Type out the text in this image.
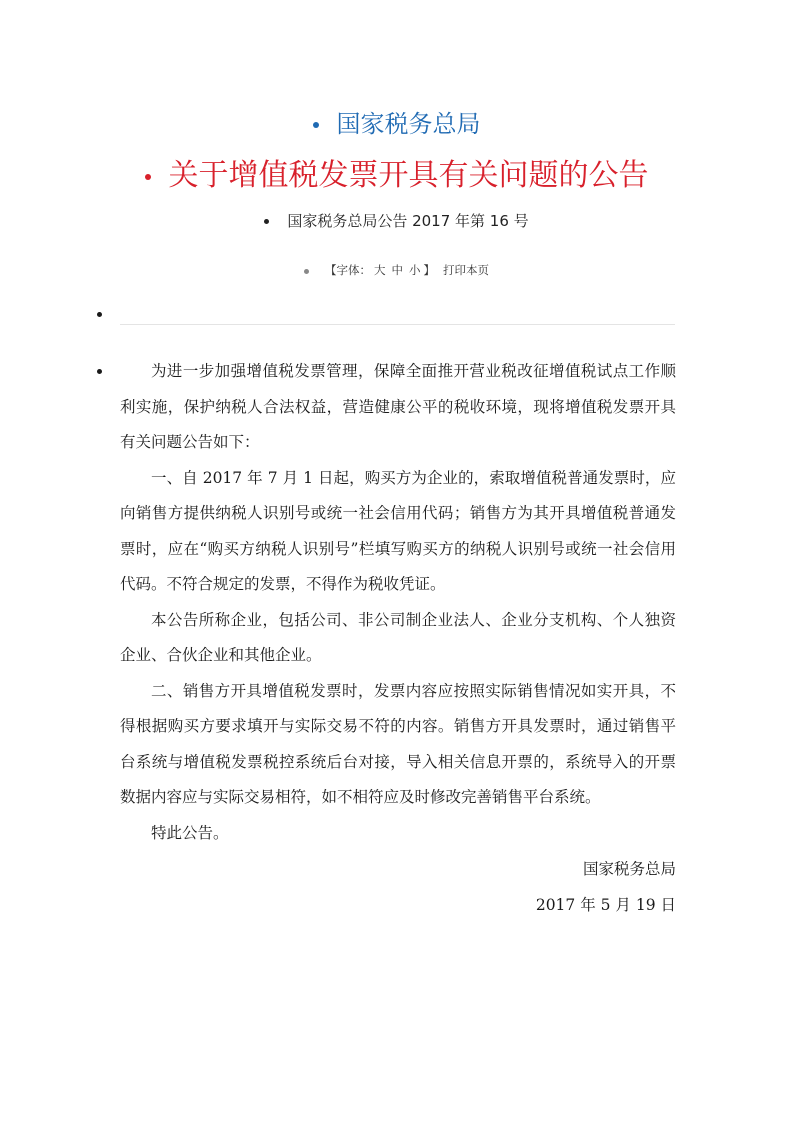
国家税务总局
关于增值税发票开具有关问题的公告
国家税务总局公告 2017 年第 16 号
【字体： 大 中 小 】 打印本页

为进一步加强增值税发票管理，保障全面推开营业税改征增值税试点工作顺利实施，保护纳税人合法权益，营造健康公平的税收环境，现将增值税发票开具有关问题公告如下：

一、自 2017 年 7 月 1 日起，购买方为企业的，索取增值税普通发票时，应向销售方提供纳税人识别号或统一社会信用代码；销售方为其开具增值税普通发票时，应在“购买方纳税人识别号”栏填写购买方的纳税人识别号或统一社会信用代码。不符合规定的发票，不得作为税收凭证。

本公告所称企业，包括公司、非公司制企业法人、企业分支机构、个人独资企业、合伙企业和其他企业。

二、销售方开具增值税发票时，发票内容应按照实际销售情况如实开具，不得根据购买方要求填开与实际交易不符的内容。销售方开具发票时，通过销售平台系统与增值税发票税控系统后台对接，导入相关信息开票的，系统导入的开票数据内容应与实际交易相符，如不相符应及时修改完善销售平台系统。

特此公告。

国家税务总局

2017 年 5 月 19 日
